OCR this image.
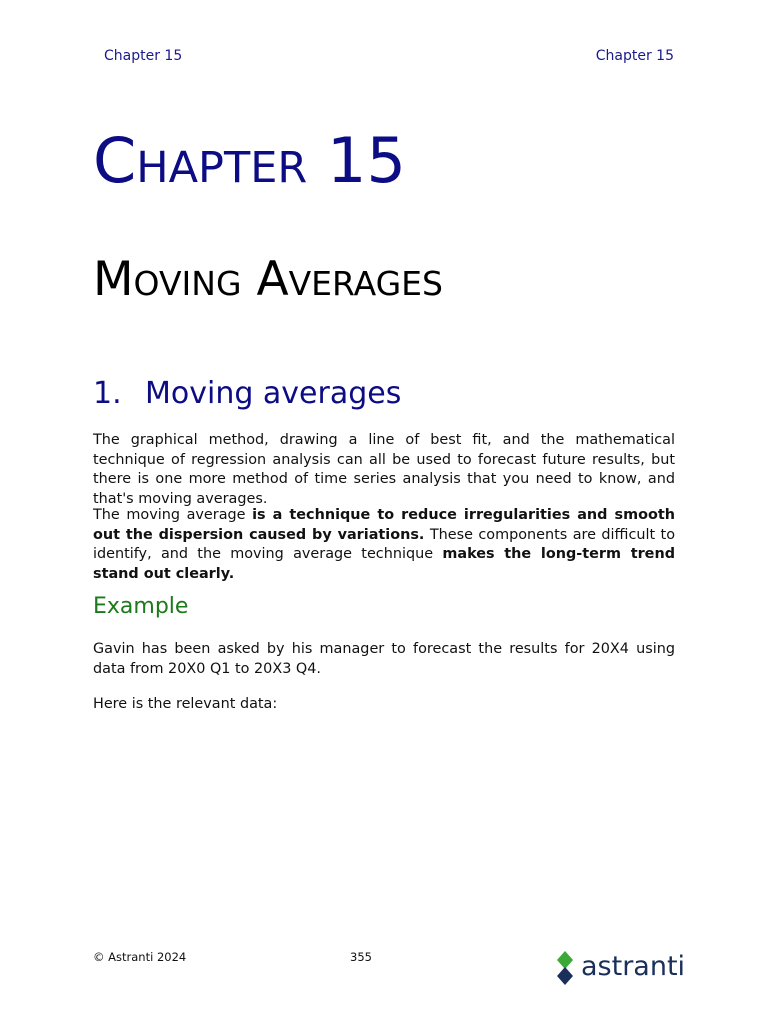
Chapter 15	Chapter 15
Chapter 15
Moving Averages
1. Moving averages

The graphical method, drawing a line of best fit, and the mathematical technique of regression analysis can all be used to forecast future results, but there is one more method of time series analysis that you need to know, and that's moving averages.

The moving average is a technique to reduce irregularities and smooth out the dispersion caused by variations. These components are difficult to identify, and the moving average technique makes the long-term trend stand out clearly.

Example

Gavin has been asked by his manager to forecast the results for 20X4 using data from 20X0 Q1 to 20X3 Q4.

Here is the relevant data:

© Astranti 2024	355	astranti
